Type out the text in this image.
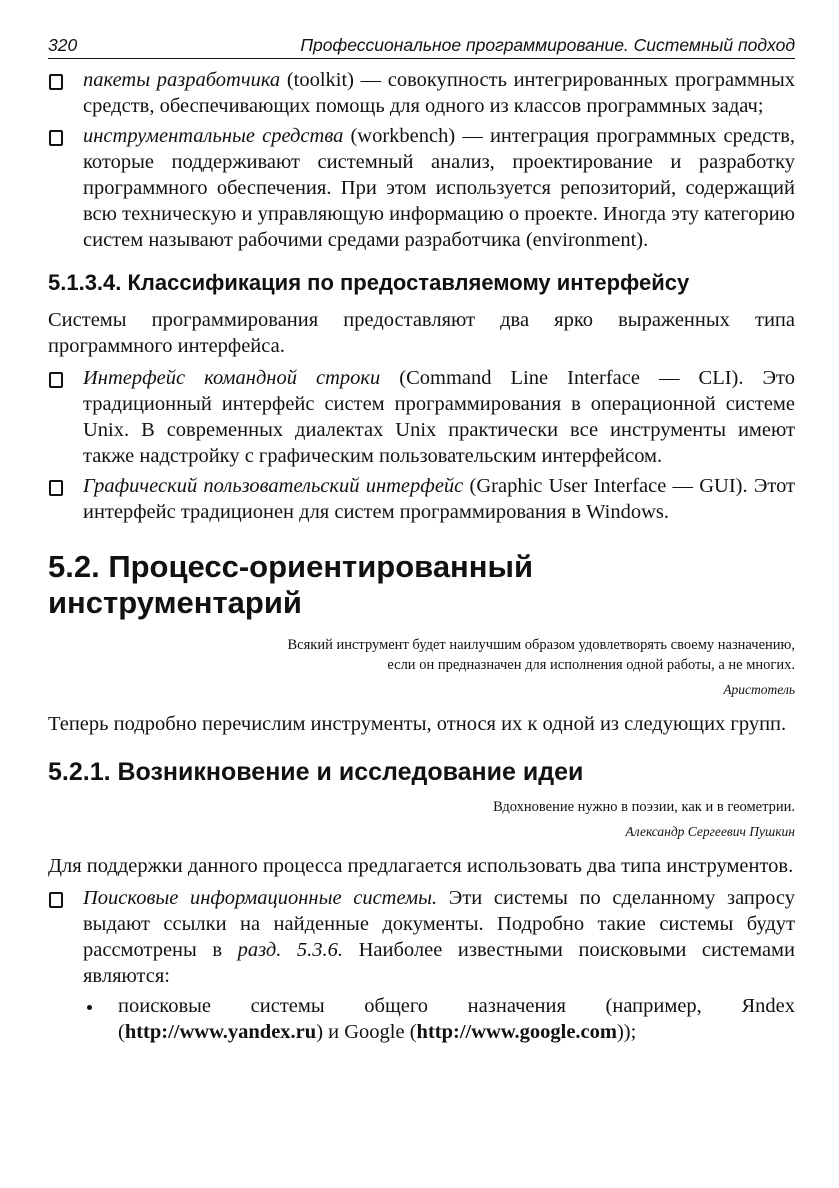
320	Профессиональное программирование. Системный подход

пакеты разработчика (toolkit) — совокупность интегрированных программных средств, обеспечивающих помощь для одного из классов программных задач;

инструментальные средства (workbench) — интеграция программных средств, которые поддерживают системный анализ, проектирование и разработку программного обеспечения. При этом используется репозиторий, содержащий всю техническую и управляющую информацию о проекте. Иногда эту категорию систем называют рабочими средами разработчика (environment).

5.1.3.4. Классификация по предоставляемому интерфейсу

Системы программирования предоставляют два ярко выраженных типа программного интерфейса.

Интерфейс командной строки (Command Line Interface — CLI). Это традиционный интерфейс систем программирования в операционной системе Unix. В современных диалектах Unix практически все инструменты имеют также надстройку с графическим пользовательским интерфейсом.

Графический пользовательский интерфейс (Graphic User Interface — GUI). Этот интерфейс традиционен для систем программирования в Windows.

5.2. Процесс-ориентированный
инструментарий
Всякий инструмент будет наилучшим образом удовлетворять своему назначению,
если он предназначен для исполнения одной работы, а не многих.
Аристотель

Теперь подробно перечислим инструменты, относя их к одной из следующих групп.

5.2.1. Возникновение и исследование идеи
Вдохновение нужно в поэзии, как и в геометрии.
Александр Сергеевич Пушкин

Для поддержки данного процесса предлагается использовать два типа инструментов.

Поисковые информационные системы. Эти системы по сделанному запросу выдают ссылки на найденные документы. Подробно такие системы будут рассмотрены в разд. 5.3.6. Наиболее известными поисковыми системами являются:

поисковые системы общего назначения (например, Яndex (http://www.yandex.ru) и Google (http://www.google.com));
